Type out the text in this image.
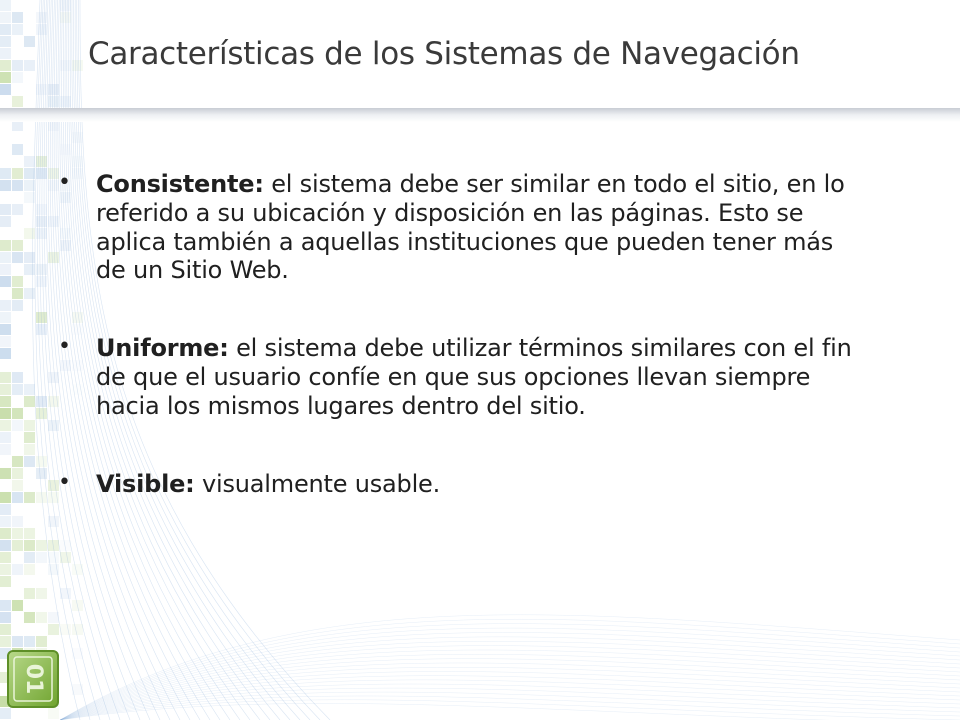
Características de los Sistemas de Navegación
• Consistente: el sistema debe ser similar en todo el sitio, en lo referido a su ubicación y disposición en las páginas. Esto se aplica también a aquellas instituciones que pueden tener más de un Sitio Web.
• Uniforme: el sistema debe utilizar términos similares con el fin de que el usuario confíe en que sus opciones llevan siempre hacia los mismos lugares dentro del sitio.
• Visible: visualmente usable.
01
